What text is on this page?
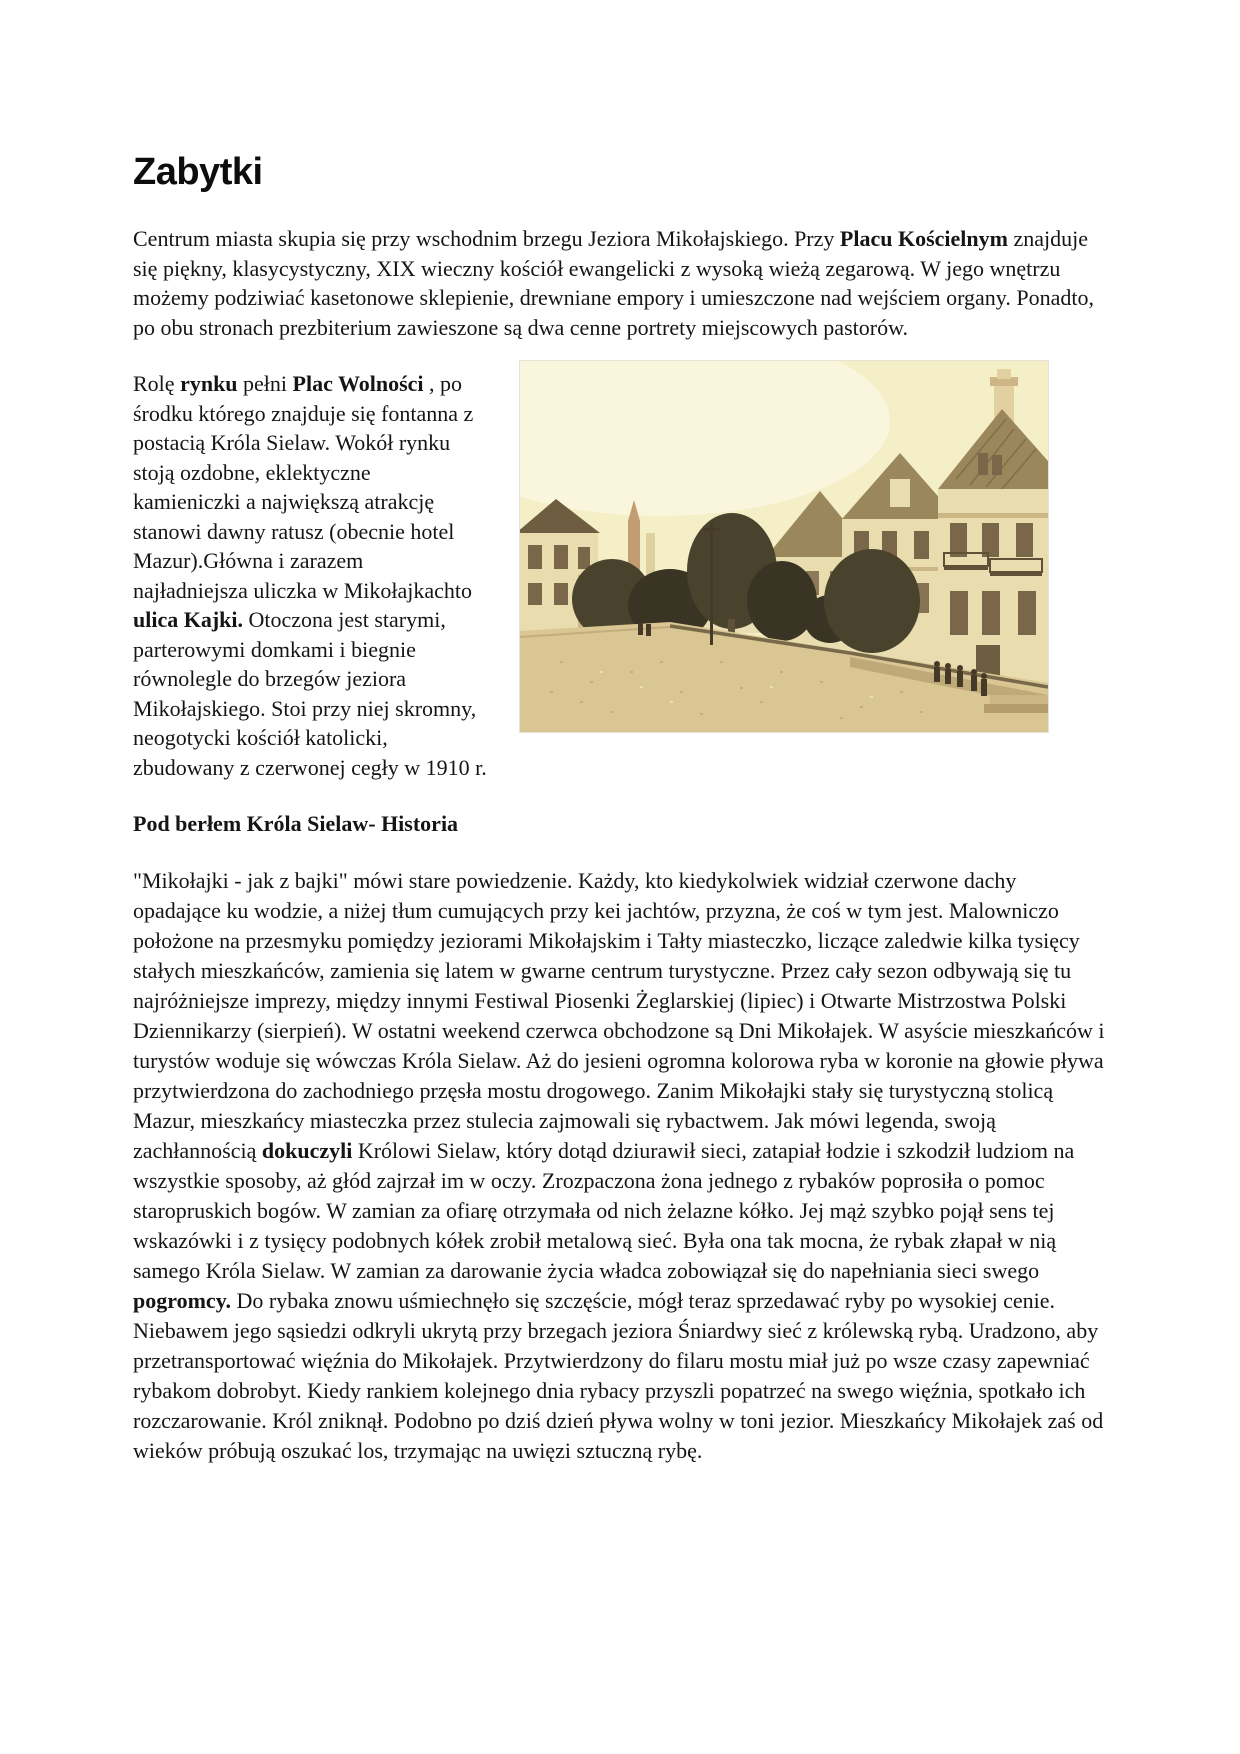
Zabytki

Centrum miasta skupia się przy wschodnim brzegu Jeziora Mikołajskiego. Przy Placu Kościelnym znajduje się piękny, klasycystyczny, XIX wieczny kościół ewangelicki z wysoką wieżą zegarową. W jego wnętrzu możemy podziwiać kasetonowe sklepienie, drewniane empory i umieszczone nad wejściem organy. Ponadto, po obu stronach prezbiterium zawieszone są dwa cenne portrety miejscowych pastorów.

Rolę rynku pełni Plac Wolności , po środku którego znajduje się fontanna z postacią Króla Sielaw. Wokół rynku stoją ozdobne, eklektyczne kamieniczki a największą atrakcję stanowi dawny ratusz (obecnie hotel Mazur).Główna i zarazem najładniejsza uliczka w Mikołajkachto ulica Kajki. Otoczona jest starymi, parterowymi domkami i biegnie równolegle do brzegów jeziora Mikołajskiego. Stoi przy niej skromny, neogotycki kościół katolicki, zbudowany z czerwonej cegły w 1910 r.

Pod berłem Króla Sielaw- Historia

"Mikołajki - jak z bajki" mówi stare powiedzenie. Każdy, kto kiedykolwiek widział czerwone dachy opadające ku wodzie, a niżej tłum cumujących przy kei jachtów, przyzna, że coś w tym jest. Malowniczo położone na przesmyku pomiędzy jeziorami Mikołajskim i Tałty miasteczko, liczące zaledwie kilka tysięcy stałych mieszkańców, zamienia się latem w gwarne centrum turystyczne. Przez cały sezon odbywają się tu najróżniejsze imprezy, między innymi Festiwal Piosenki Żeglarskiej (lipiec) i Otwarte Mistrzostwa Polski Dziennikarzy (sierpień). W ostatni weekend czerwca obchodzone są Dni Mikołajek. W asyście mieszkańców i turystów woduje się wówczas Króla Sielaw. Aż do jesieni ogromna kolorowa ryba w koronie na głowie pływa przytwierdzona do zachodniego przęsła mostu drogowego. Zanim Mikołajki stały się turystyczną stolicą Mazur, mieszkańcy miasteczka przez stulecia zajmowali się rybactwem. Jak mówi legenda, swoją zachłannością dokuczyli Królowi Sielaw, który dotąd dziurawił sieci, zatapiał łodzie i szkodził ludziom na wszystkie sposoby, aż głód zajrzał im w oczy. Zrozpaczona żona jednego z rybaków poprosiła o pomoc staropruskich bogów. W zamian za ofiarę otrzymała od nich żelazne kółko. Jej mąż szybko pojął sens tej wskazówki i z tysięcy podobnych kółek zrobił metalową sieć. Była ona tak mocna, że rybak złapał w nią samego Króla Sielaw. W zamian za darowanie życia władca zobowiązał się do napełniania sieci swego pogromcy. Do rybaka znowu uśmiechnęło się szczęście, mógł teraz sprzedawać ryby po wysokiej cenie. Niebawem jego sąsiedzi odkryli ukrytą przy brzegach jeziora Śniardwy sieć z królewską rybą. Uradzono, aby przetransportować więźnia do Mikołajek. Przytwierdzony do filaru mostu miał już po wsze czasy zapewniać rybakom dobrobyt. Kiedy rankiem kolejnego dnia rybacy przyszli popatrzeć na swego więźnia, spotkało ich rozczarowanie. Król zniknął. Podobno po dziś dzień pływa wolny w toni jezior. Mieszkańcy Mikołajek zaś od wieków próbują oszukać los, trzymając na uwięzi sztuczną rybę.
